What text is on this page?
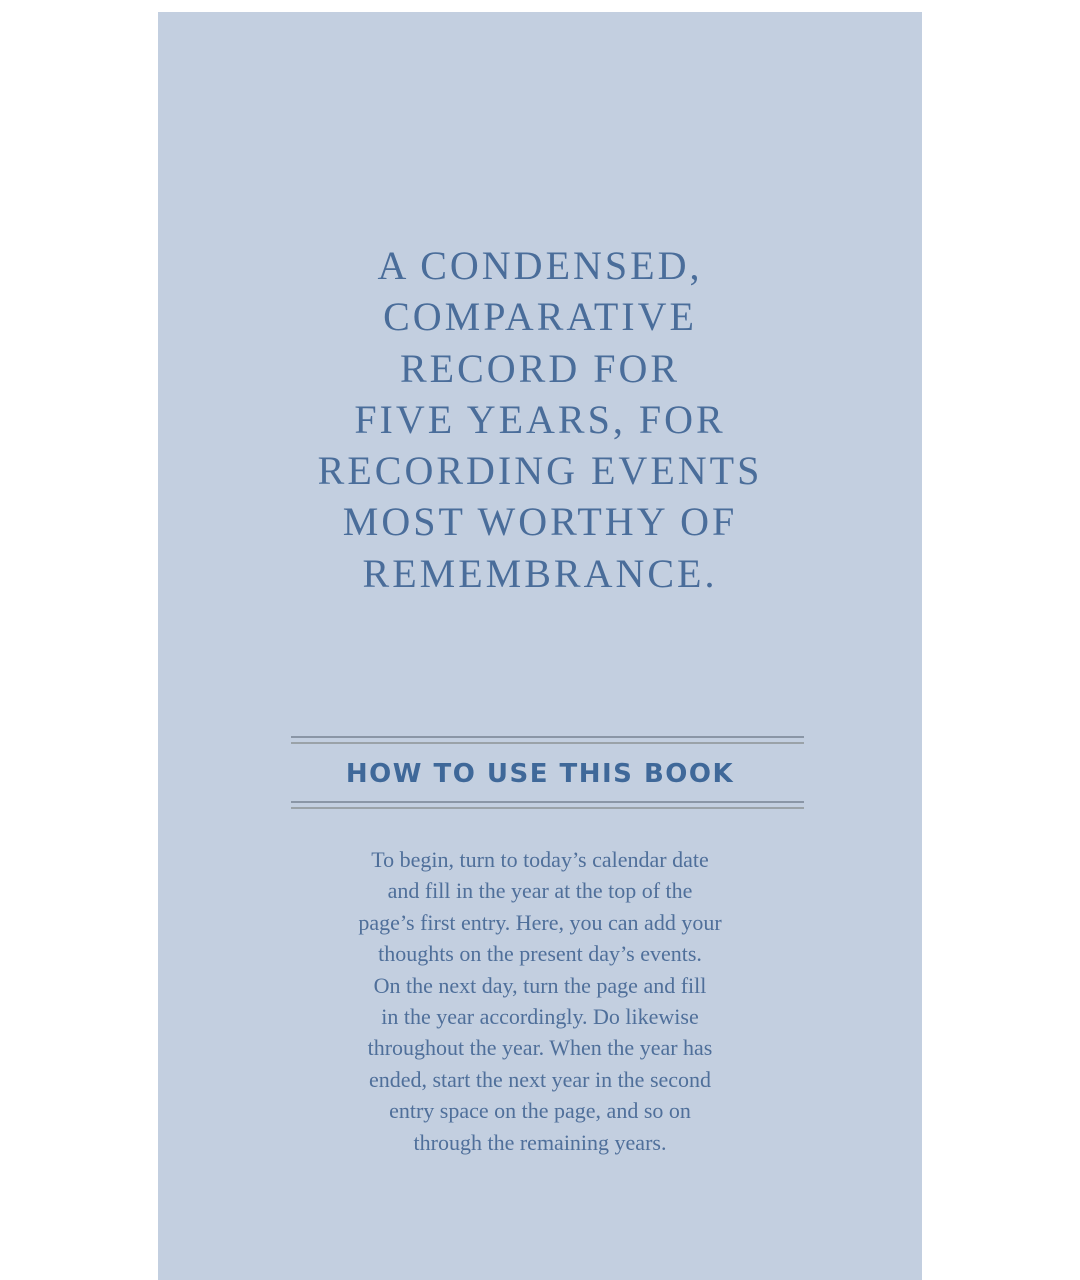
A CONDENSED,
COMPARATIVE
RECORD FOR
FIVE YEARS, FOR
RECORDING EVENTS
MOST WORTHY OF
REMEMBRANCE.
HOW TO USE THIS BOOK

To begin, turn to today’s calendar date
and fill in the year at the top of the
page’s first entry. Here, you can add your
thoughts on the present day’s events.
On the next day, turn the page and fill
in the year accordingly. Do likewise
throughout the year. When the year has
ended, start the next year in the second
entry space on the page, and so on
through the remaining years.
